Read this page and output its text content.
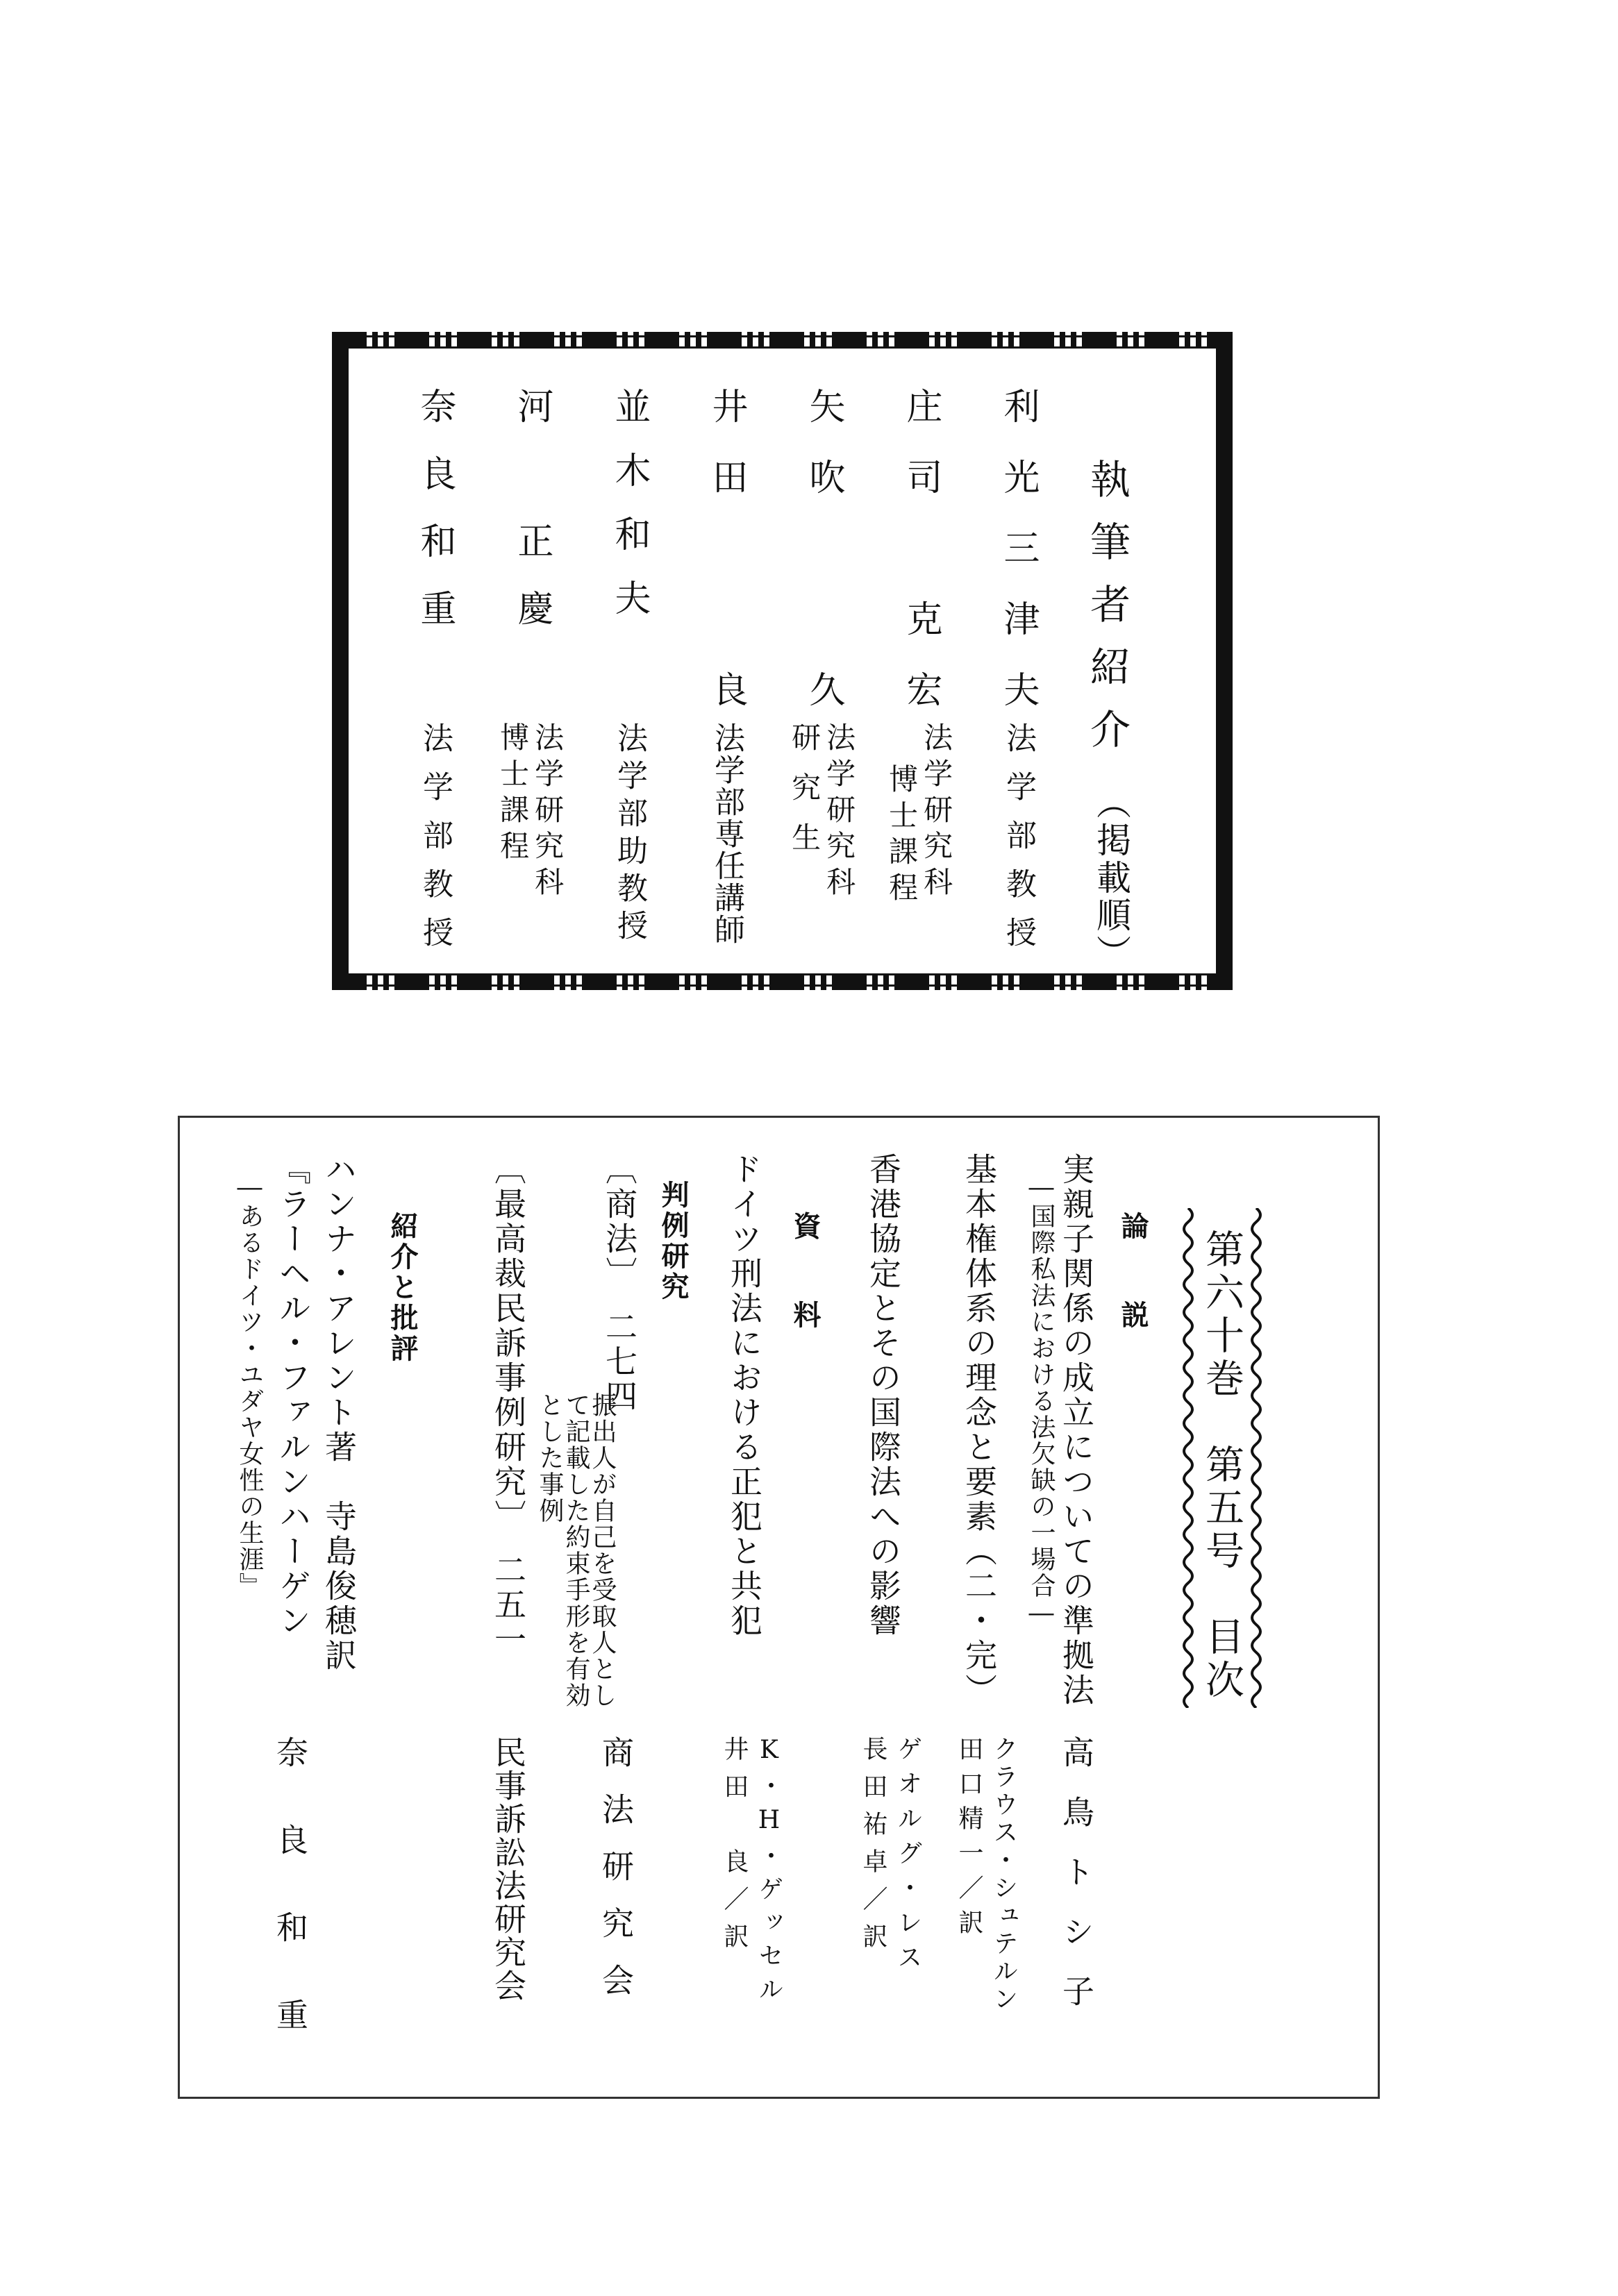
執筆者紹介
（掲載順）
利光三津夫
法学部教授
庄司　克宏
法学研究科
博士課程
矢吹　　久
法学研究科
研究生
井田　　良
法学部専任講師
並木和夫
法学部助教授
河　正慶
法学研究科
博士課程
奈良和重
法学部教授
第六十巻　第五号　目次
論　説
実親子関係の成立についての準拠法
―国際私法における法欠缺の一場合―
高鳥トシ子
基本権体系の理念と要素（二・完）
クラウス・シュテルン
田口精一／訳
香港協定とその国際法への影響
ゲオルグ・レス
長田祐卓／訳
資　料
ドイツ刑法における正犯と共犯
K・H・ゲッセル
井田　良／訳
判例研究
〔商法〕　二七四
振出人が自己を受取人とし
て記載した約束手形を有効
とした事例
商法研究会
〔最高裁民訴事例研究〕　二五一
民事訴訟法研究会
紹介と批評
ハンナ・アレント著　寺島俊穂訳
『ラーヘル・ファルンハーゲン
―あるドイツ・ユダヤ女性の生涯』
奈良和重
